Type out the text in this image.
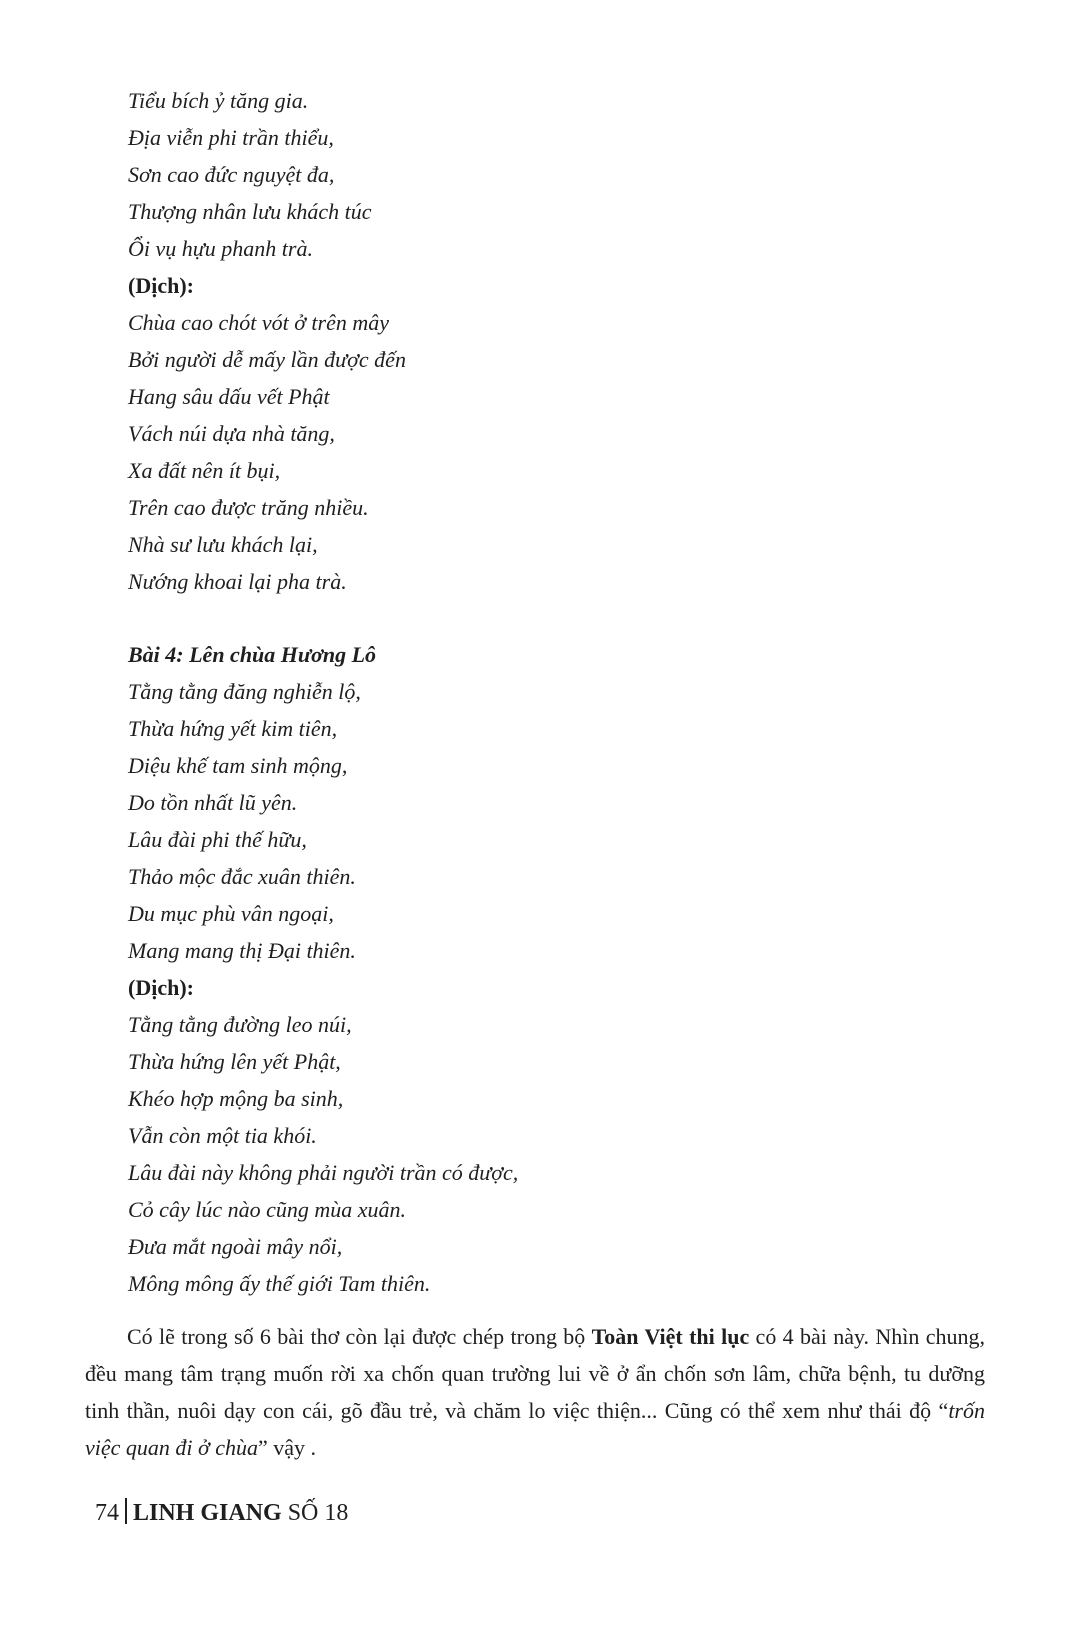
Tiểu bích ỷ tăng gia.
Địa viễn phi trần thiểu,
Sơn cao đức nguyệt đa,
Thượng nhân lưu khách túc
Ổi vụ hựu phanh trà.
(Dịch):
Chùa cao chót vót ở trên mây
Bởi người dễ mấy lần được đến
Hang sâu dấu vết Phật
Vách núi dựa nhà tăng,
Xa đất nên ít bụi,
Trên cao được trăng nhiều.
Nhà sư lưu khách lại,
Nướng khoai lại pha trà.
Bài 4: Lên chùa Hương Lô
Tằng tằng đăng nghiễn lộ,
Thừa hứng yết kim tiên,
Diệu khế tam sinh mộng,
Do tồn nhất lũ yên.
Lâu đài phi thế hữu,
Thảo mộc đắc xuân thiên.
Du mục phù vân ngoại,
Mang mang thị Đại thiên.
(Dịch):
Tằng tằng đường leo núi,
Thừa hứng lên yết Phật,
Khéo hợp mộng ba sinh,
Vẫn còn một tia khói.
Lâu đài này không phải người trần có được,
Cỏ cây lúc nào cũng mùa xuân.
Đưa mắt ngoài mây nổi,
Mông mông ấy thế giới Tam thiên.

Có lẽ trong số 6 bài thơ còn lại được chép trong bộ Toàn Việt thi lục có 4 bài này. Nhìn chung, đều mang tâm trạng muốn rời xa chốn quan trường lui về ở ẩn chốn sơn lâm, chữa bệnh, tu dưỡng tinh thần, nuôi dạy con cái, gõ đầu trẻ, và chăm lo việc thiện... Cũng có thể xem như thái độ “trốn việc quan đi ở chùa” vậy .

74 LINH GIANG SỐ 18
